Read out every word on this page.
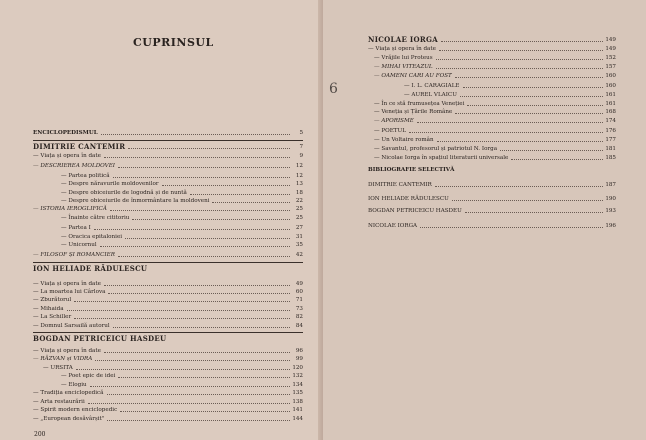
CUPRINSUL
ENCICLOPEDISMUL	5
DIMITRIE CANTEMIR	7
— Viața și opera în date	9
— DESCRIEREA MOLDOVEI	12
— Partea politică	12
— Despre năravurile moldovenilor	13
— Despre obiceiurile de logodnă și de nuntă	18
— Despre obiceiurile de înmormântare la moldoveni	22
— ISTORIA IEROGLIFICĂ	25
— Înainte către cititoriu	25
— Partea I	27
— Oracica epitaloniei	31
— Unicornul	35
— FILOSOF ȘI ROMANCIER	42
ION HELIADE RĂDULESCU
— Viața și opera în date	49
— La moartea lui Cârlova	60
— Zburătorul	71
— Mihaida	73
— La Schiller	82
— Domnul Sarsailă autorul	84
BOGDAN PETRICEICU HASDEU
— Viața și opera în date	96
— RĂZVAN și VIDRA	99
— URSITA	120
— Poet epic de idei	132
— Elogiu	134
— Tradiția enciclopedică	135
— Arta restaurării	138
— Spirit modern enciclopedic	141
— „European desăvârșit"	144
200
NICOLAE IORGA	149
— Viața și opera în date	149
— Vrăjile lui Proteus	152
— MIHAI VITEAZUL	157
— OAMENI CARI AU FOST	160
— I. L. CARAGIALE	160
— AUREL VLAICU	161
— În ce stă frumusețea Veneției	161
— Veneția și Țările Române	168
— APORISME	174
— POETUL	176
— Un Voltaire român	177
— Savantul, profesorul și patriotul N. Iorga	181
— Nicolae Iorga în spațiul literaturii universale	185
BIBLIOGRAFIE SELECTIVĂ
DIMITRIE CANTEMIR	187
ION HELIADE RĂDULESCU	190
BOGDAN PETRICEICU HASDEU	193
NICOLAE IORGA	196
6
